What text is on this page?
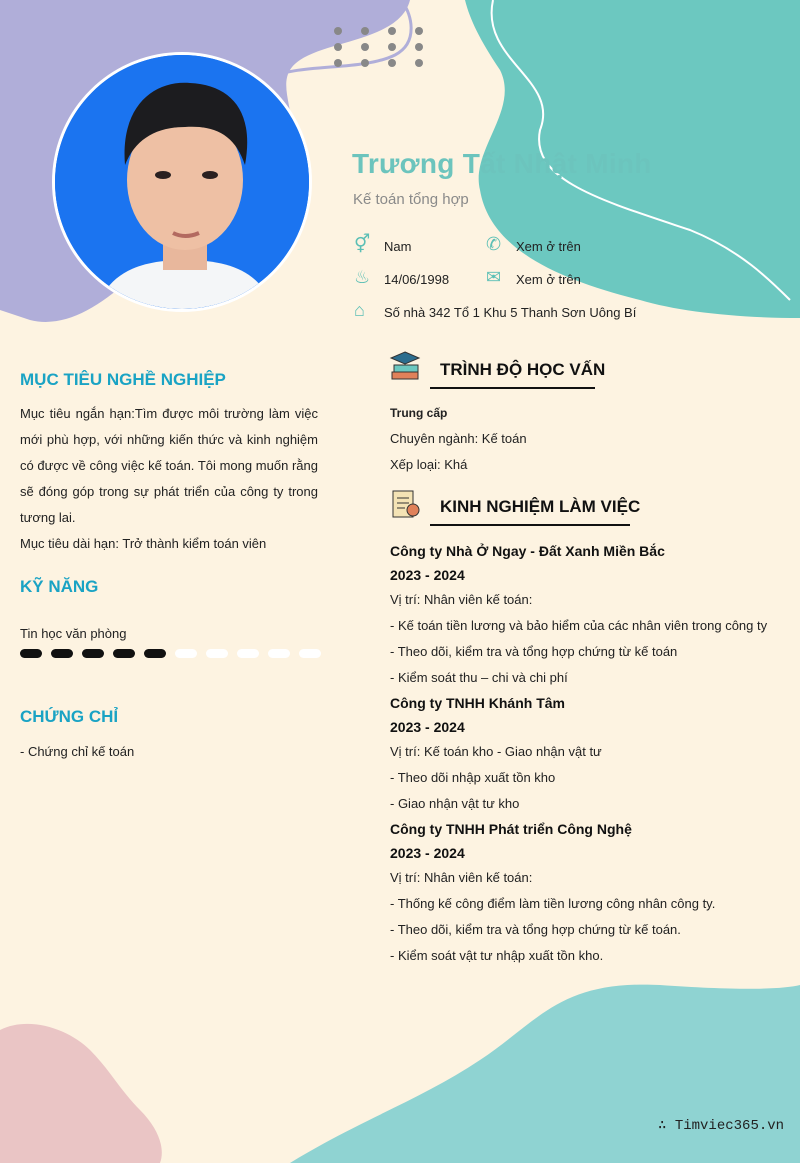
Trương Tất Nhật Minh
Kế toán tổng hợp
⚥ Nam	✆ Xem ở trên
♨ 14/06/1998 ✉ Xem ở trên
⌂ Số nhà 342 Tổ 1 Khu 5 Thanh Sơn Uông Bí
MỤC TIÊU NGHỀ NGHIỆP
Mục tiêu ngắn hạn:Tìm được môi trường làm việc mới phù hợp, với những kiến thức và kinh nghiệm có được về công việc kế toán. Tôi mong muốn rằng sẽ đóng góp trong sự phát triển của công ty trong tương lai.
Mục tiêu dài hạn: Trở thành kiểm toán viên
KỸ NĂNG
Tin học văn phòng
CHỨNG CHỈ
- Chứng chỉ kế toán
TRÌNH ĐỘ HỌC VẤN
Trung cấp
Chuyên ngành: Kế toán
Xếp loại: Khá
KINH NGHIỆM LÀM VIỆC
Công ty Nhà Ở Ngay - Đất Xanh Miền Bắc
2023 - 2024
Vị trí: Nhân viên kế toán:
- Kế toán tiền lương và bảo hiểm của các nhân viên trong công ty
- Theo dõi, kiểm tra và tổng hợp chứng từ kế toán
- Kiểm soát thu – chi và chi phí
Công ty TNHH Khánh Tâm
2023 - 2024
Vị trí: Kế toán kho - Giao nhận vật tư
- Theo dõi nhập xuất tồn kho
- Giao nhận vật tư kho
Công ty TNHH Phát triển Công Nghệ
2023 - 2024
Vị trí: Nhân viên kế toán:
- Thống kế công điểm làm tiền lương công nhân công ty.
- Theo dõi, kiểm tra và tổng hợp chứng từ kế toán.
- Kiểm soát vật tư nhập xuất tồn kho.
∴ Timviec365.vn
